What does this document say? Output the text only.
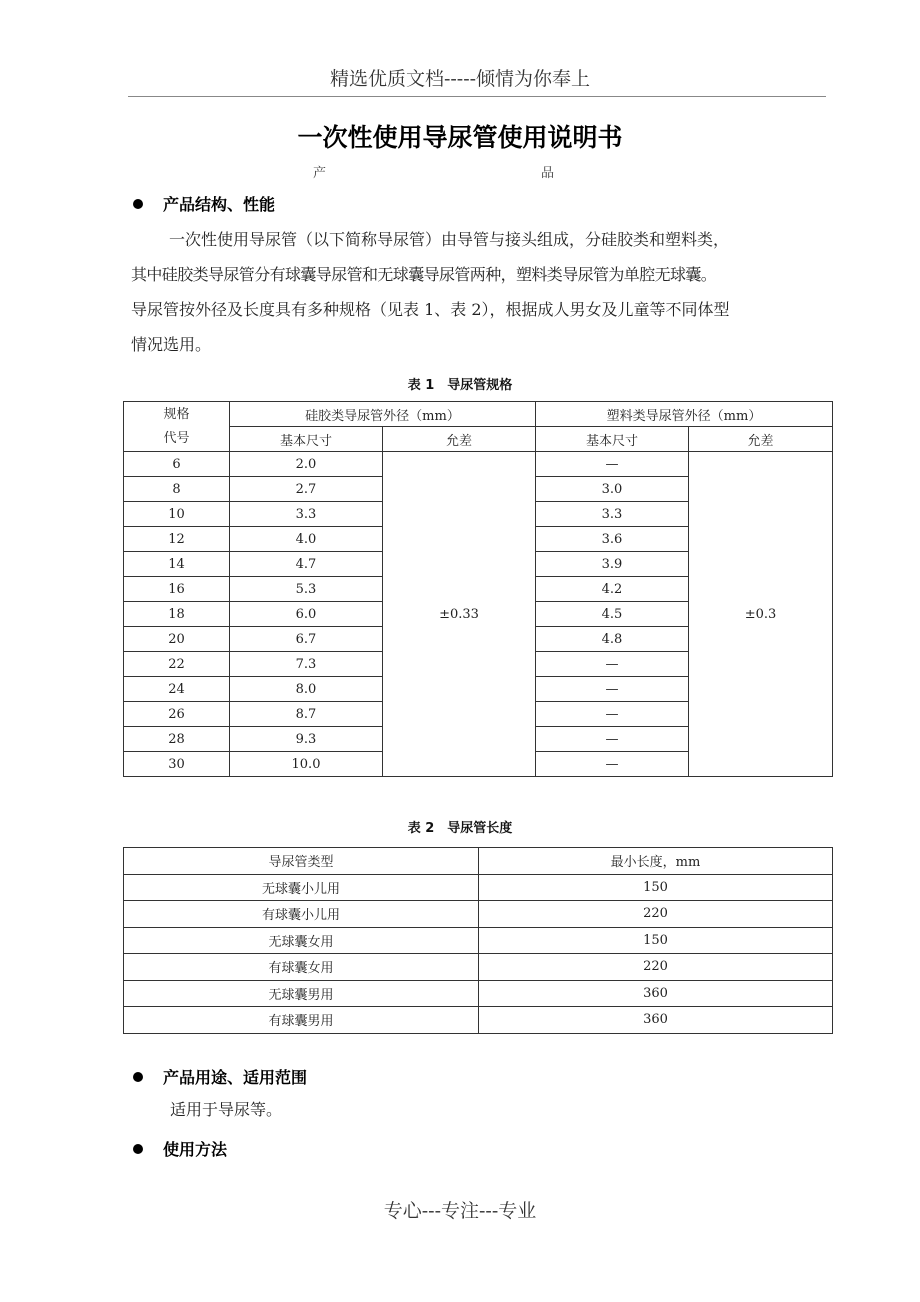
精选优质文档-----倾情为你奉上
一次性使用导尿管使用说明书
产	品
产品结构、性能

一次性使用导尿管（以下简称导尿管）由导管与接头组成，分硅胶类和塑料类，

其中硅胶类导尿管分有球囊导尿管和无球囊导尿管两种，塑料类导尿管为单腔无球囊。

导尿管按外径及长度具有多种规格（见表 1、表 2），根据成人男女及儿童等不同体型

情况选用。

表 1　导尿管规格
规格
代号	硅胶类导尿管外径（mm）		塑料类导尿管外径（mm）	
	基本尺寸	允差	基本尺寸	允差
6	2.0	±0.33	—	±0.3
8	2.7		3.0	
10	3.3		3.3	
12	4.0		3.6	
14	4.7		3.9	
16	5.3		4.2	
18	6.0		4.5	
20	6.7		4.8	
22	7.3		—	
24	8.0		—	
26	8.7		—	
28	9.3		—	
30	10.0		—	
表 2　导尿管长度
导尿管类型	最小长度，mm
无球囊小儿用	150
有球囊小儿用	220
无球囊女用	150
有球囊女用	220
无球囊男用	360
有球囊男用	360
产品用途、适用范围
适用于导尿等。
使用方法
专心---专注---专业
